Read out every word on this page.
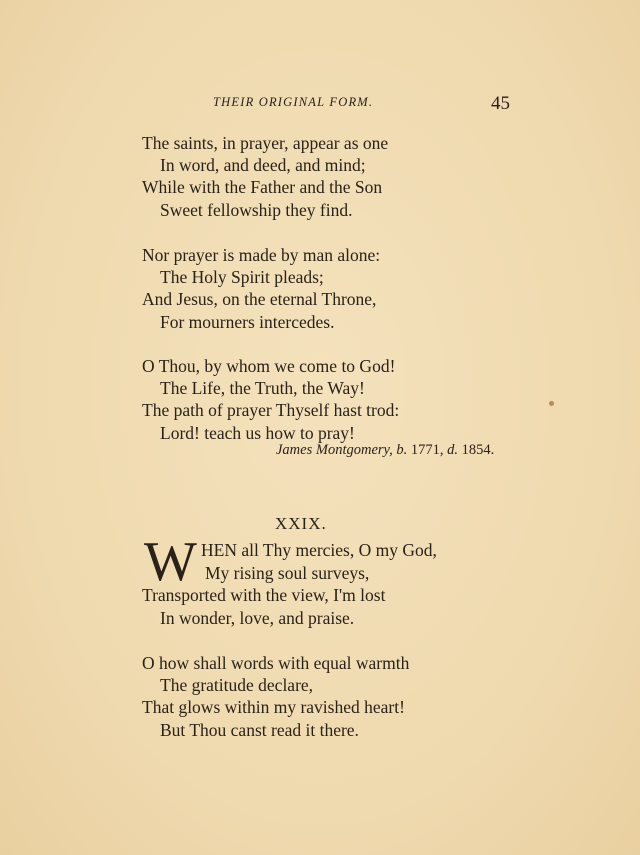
THEIR ORIGINAL FORM.	45
The saints, in prayer, appear as one
In word, and deed, and mind;
While with the Father and the Son
Sweet fellowship they find.
Nor prayer is made by man alone:
The Holy Spirit pleads;
And Jesus, on the eternal Throne,
For mourners intercedes.
O Thou, by whom we come to God!
The Life, the Truth, the Way!
The path of prayer Thyself hast trod:
Lord! teach us how to pray!
James Montgomery, b. 1771, d. 1854.
XXIX.
W HEN all Thy mercies, O my God,
My rising soul surveys,
Transported with the view, I'm lost
In wonder, love, and praise.
O how shall words with equal warmth
The gratitude declare,
That glows within my ravished heart!
But Thou canst read it there.
